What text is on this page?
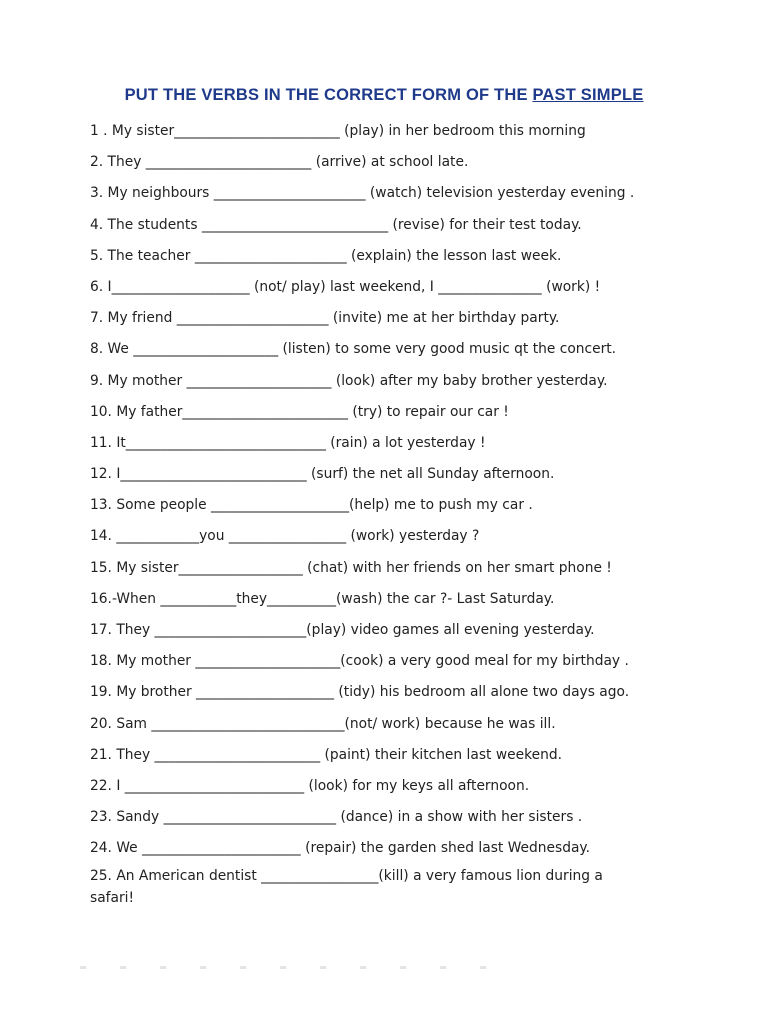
PUT THE VERBS IN THE CORRECT FORM OF THE PAST SIMPLE
1 . My sister________________________ (play) in her bedroom this morning
2. They ________________________ (arrive) at school late.
3. My neighbours ______________________ (watch) television yesterday evening .
4. The students ___________________________ (revise) for their test today.
5. The teacher ______________________ (explain) the lesson last week.
6. I____________________ (not/ play) last weekend, I _______________ (work) !
7. My friend ______________________ (invite) me at her birthday party.
8. We _____________________ (listen) to some very good music qt the concert.
9. My mother _____________________ (look) after my baby brother yesterday.
10. My father________________________ (try) to repair our car !
11. It_____________________________ (rain) a lot yesterday !
12. I___________________________ (surf) the net all Sunday afternoon.
13. Some people ____________________(help) me to push my car .
14. ____________you _________________ (work) yesterday ?
15. My sister__________________ (chat) with her friends on her smart phone !
16.-When ___________they__________(wash) the car ?- Last Saturday.
17. They ______________________(play) video games all evening yesterday.
18. My mother _____________________(cook) a very good meal for my birthday .
19. My brother ____________________ (tidy) his bedroom all alone two days ago.
20. Sam ____________________________(not/ work) because he was ill.
21. They ________________________ (paint) their kitchen last weekend.
22. I __________________________ (look) for my keys all afternoon.
23. Sandy _________________________ (dance) in a show with her sisters .
24. We _______________________ (repair) the garden shed last Wednesday.
25. An American dentist _________________(kill) a very famous lion during a safari!
